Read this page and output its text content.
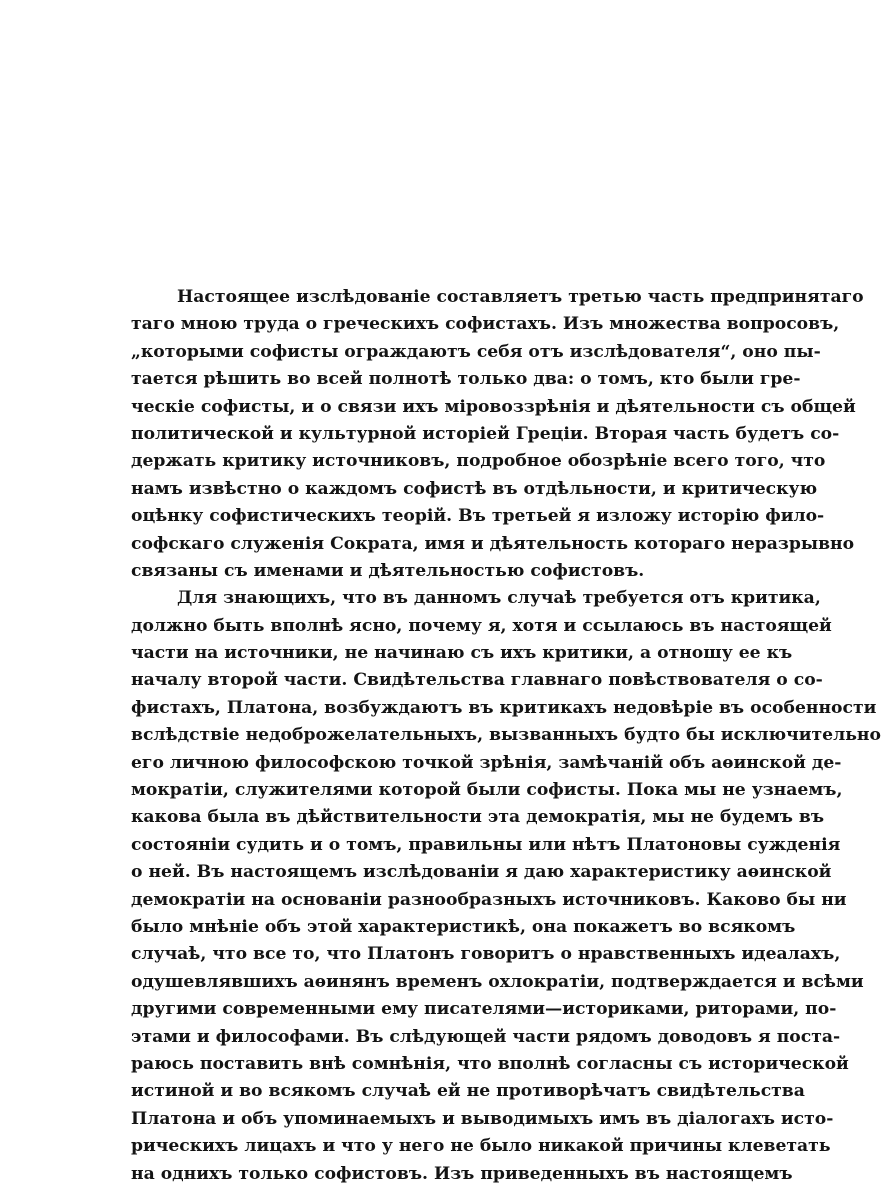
Настоящее изслѣдованіе составляетъ третью часть предпринятаго
таго мною труда о греческихъ софистахъ. Изъ множества вопросовъ,
„которыми софисты ограждаютъ себя отъ изслѣдователя“, оно пы-
тается рѣшить во всей полнотѣ только два: о томъ, кто были гре-
ческіе софисты, и о связи ихъ міровоззрѣнія и дѣятельности съ общей
политической и культурной исторіей Греціи. Вторая часть будетъ со-
держать критику источниковъ, подробное обозрѣніе всего того, что
намъ извѣстно о каждомъ софистѣ въ отдѣльности, и критическую
оцѣнку софистическихъ теорій. Въ третьей я изложу исторію фило-
софскаго служенія Сократа, имя и дѣятельность котораго неразрывно
связаны съ именами и дѣятельностью софистовъ.
Для знающихъ, что въ данномъ случаѣ требуется отъ критика,
должно быть вполнѣ ясно, почему я, хотя и ссылаюсь въ настоящей
части на источники, не начинаю съ ихъ критики, а отношу ее къ
началу второй части. Свидѣтельства главнаго повѣствователя о со-
фистахъ, Платона, возбуждаютъ въ критикахъ недовѣріе въ особенности
вслѣдствіе недоброжелательныхъ, вызванныхъ будто бы исключительно
его личною философскою точкой зрѣнія, замѣчаній объ аѳинской де-
мократіи, служителями которой были софисты. Пока мы не узнаемъ,
какова была въ дѣйствительности эта демократія, мы не будемъ въ
состояніи судить и о томъ, правильны или нѣтъ Платоновы сужденія
о ней. Въ настоящемъ изслѣдованіи я даю характеристику аѳинской
демократіи на основаніи разнообразныхъ источниковъ. Каково бы ни
было мнѣніе объ этой характеристикѣ, она покажетъ во всякомъ
случаѣ, что все то, что Платонъ говоритъ о нравственныхъ идеалахъ,
одушевлявшихъ аѳинянъ временъ охлократіи, подтверждается и всѣми
другими современными ему писателями—историками, риторами, по-
этами и философами. Въ слѣдующей части рядомъ доводовъ я поста-
раюсь поставить внѣ сомнѣнія, что вполнѣ согласны съ исторической
истиной и во всякомъ случаѣ ей не противорѣчатъ свидѣтельства
Платона и объ упоминаемыхъ и выводимыхъ имъ въ діалогахъ исто-
рическихъ лицахъ и что у него не было никакой причины клеветать
на однихъ только софистовъ. Изъ приведенныхъ въ настоящемъ
